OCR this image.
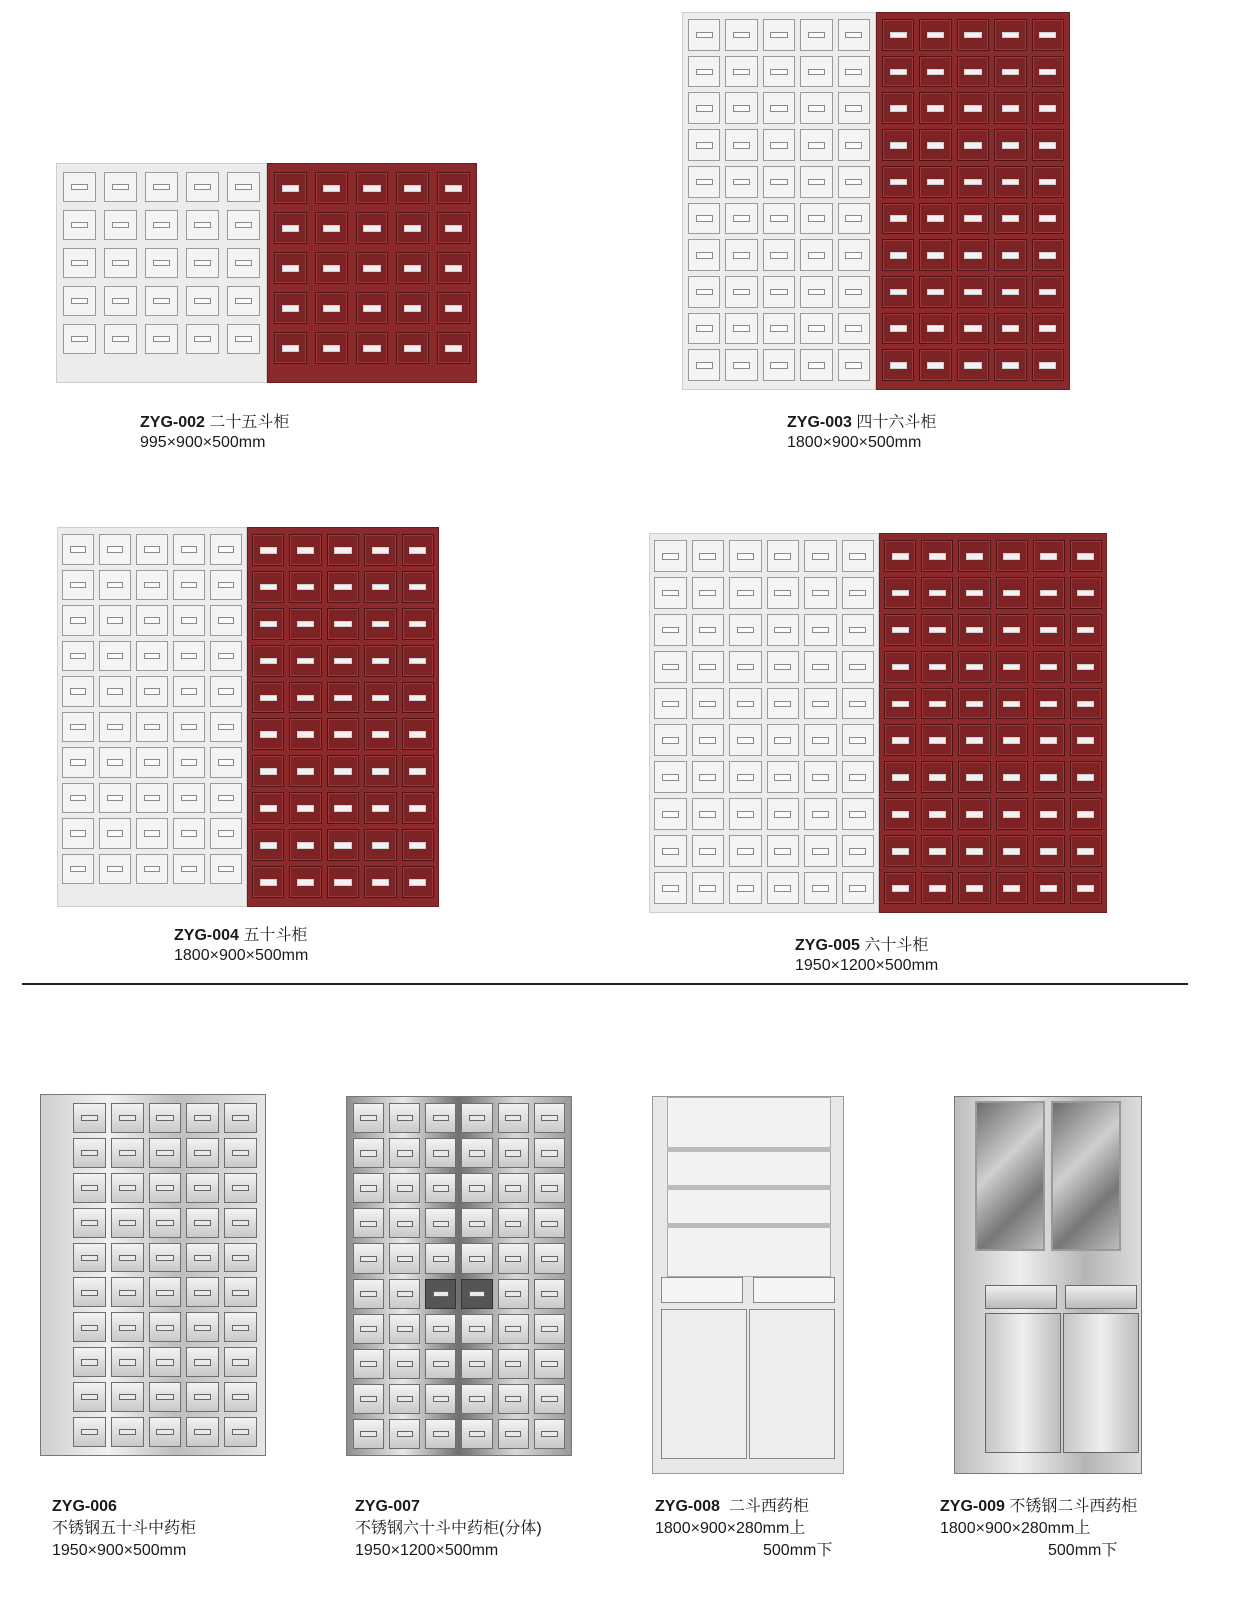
ZYG-002 二十五斗柜
995×900×500mm
ZYG-003 四十六斗柜
1800×900×500mm
ZYG-004 五十斗柜
1800×900×500mm
ZYG-005 六十斗柜
1950×1200×500mm
ZYG-006
不锈钢五十斗中药柜
1950×900×500mm
ZYG-007
不锈钢六十斗中药柜(分体)
1950×1200×500mm
ZYG-008 二斗西药柜
1800×900×280mm上
500mm下
ZYG-009 不锈钢二斗西药柜
1800×900×280mm上
500mm下
